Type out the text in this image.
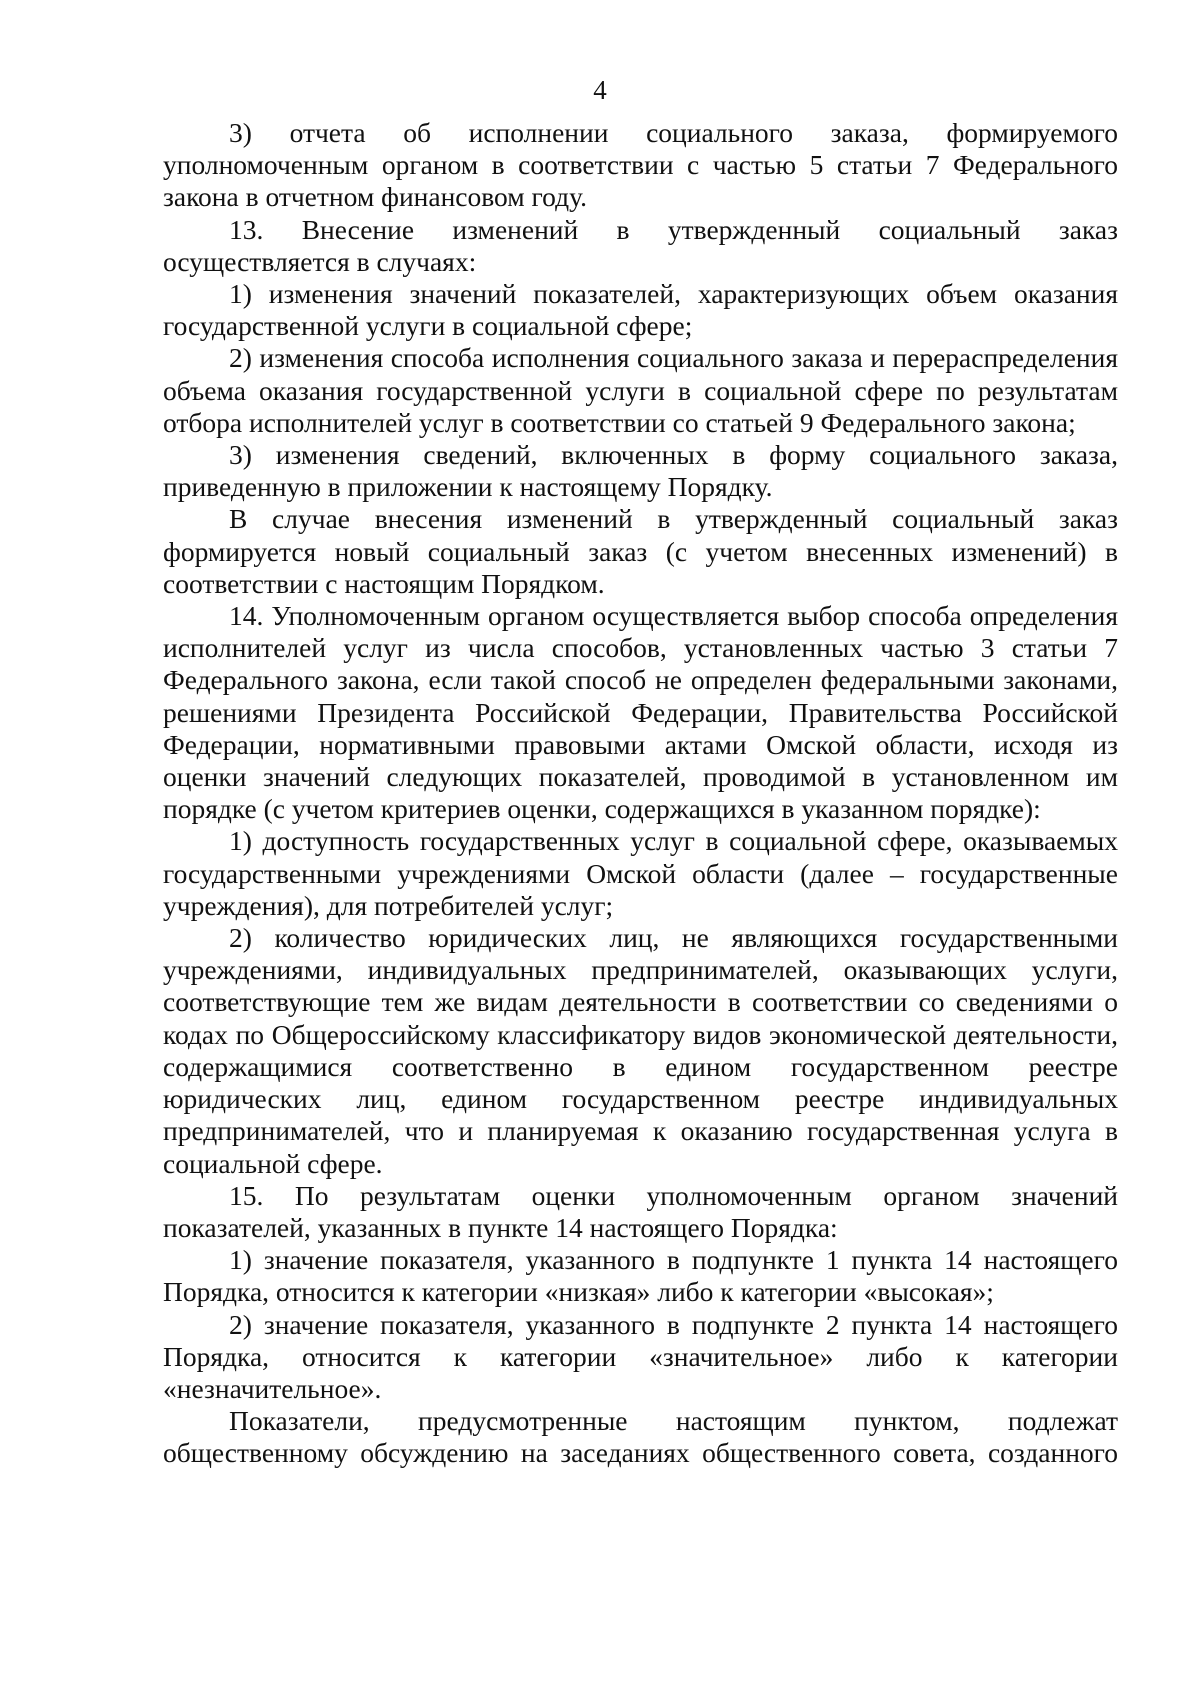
4

3) отчета об исполнении социального заказа, формируемого уполномоченным органом в соответствии с частью 5 статьи 7 Федерального закона в отчетном финансовом году.

13. Внесение изменений в утвержденный социальный заказ осуществляется в случаях:

1) изменения значений показателей, характеризующих объем оказания государственной услуги в социальной сфере;

2) изменения способа исполнения социального заказа и перераспределения объема оказания государственной услуги в социальной сфере по результатам отбора исполнителей услуг в соответствии со статьей 9 Федерального закона;

3) изменения сведений, включенных в форму социального заказа, приведенную в приложении к настоящему Порядку.

В случае внесения изменений в утвержденный социальный заказ формируется новый социальный заказ (с учетом внесенных изменений) в соответствии с настоящим Порядком.

14. Уполномоченным органом осуществляется выбор способа определения исполнителей услуг из числа способов, установленных частью 3 статьи 7 Федерального закона, если такой способ не определен федеральными законами, решениями Президента Российской Федерации, Правительства Российской Федерации, нормативными правовыми актами Омской области, исходя из оценки значений следующих показателей, проводимой в установленном им порядке (с учетом критериев оценки, содержащихся в указанном порядке):

1) доступность государственных услуг в социальной сфере, оказываемых государственными учреждениями Омской области (далее – государственные учреждения), для потребителей услуг;

2) количество юридических лиц, не являющихся государственными учреждениями, индивидуальных предпринимателей, оказывающих услуги, соответствующие тем же видам деятельности в соответствии со сведениями о кодах по Общероссийскому классификатору видов экономической деятельности, содержащимися соответственно в едином государственном реестре юридических лиц, едином государственном реестре индивидуальных предпринимателей, что и планируемая к оказанию государственная услуга в социальной сфере.

15. По результатам оценки уполномоченным органом значений показателей, указанных в пункте 14 настоящего Порядка:

1) значение показателя, указанного в подпункте 1 пункта 14 настоящего Порядка, относится к категории «низкая» либо к категории «высокая»;

2) значение показателя, указанного в подпункте 2 пункта 14 настоящего Порядка, относится к категории «значительное» либо к категории «незначительное».

Показатели, предусмотренные настоящим пунктом, подлежат общественному обсуждению на заседаниях общественного совета, созданного
